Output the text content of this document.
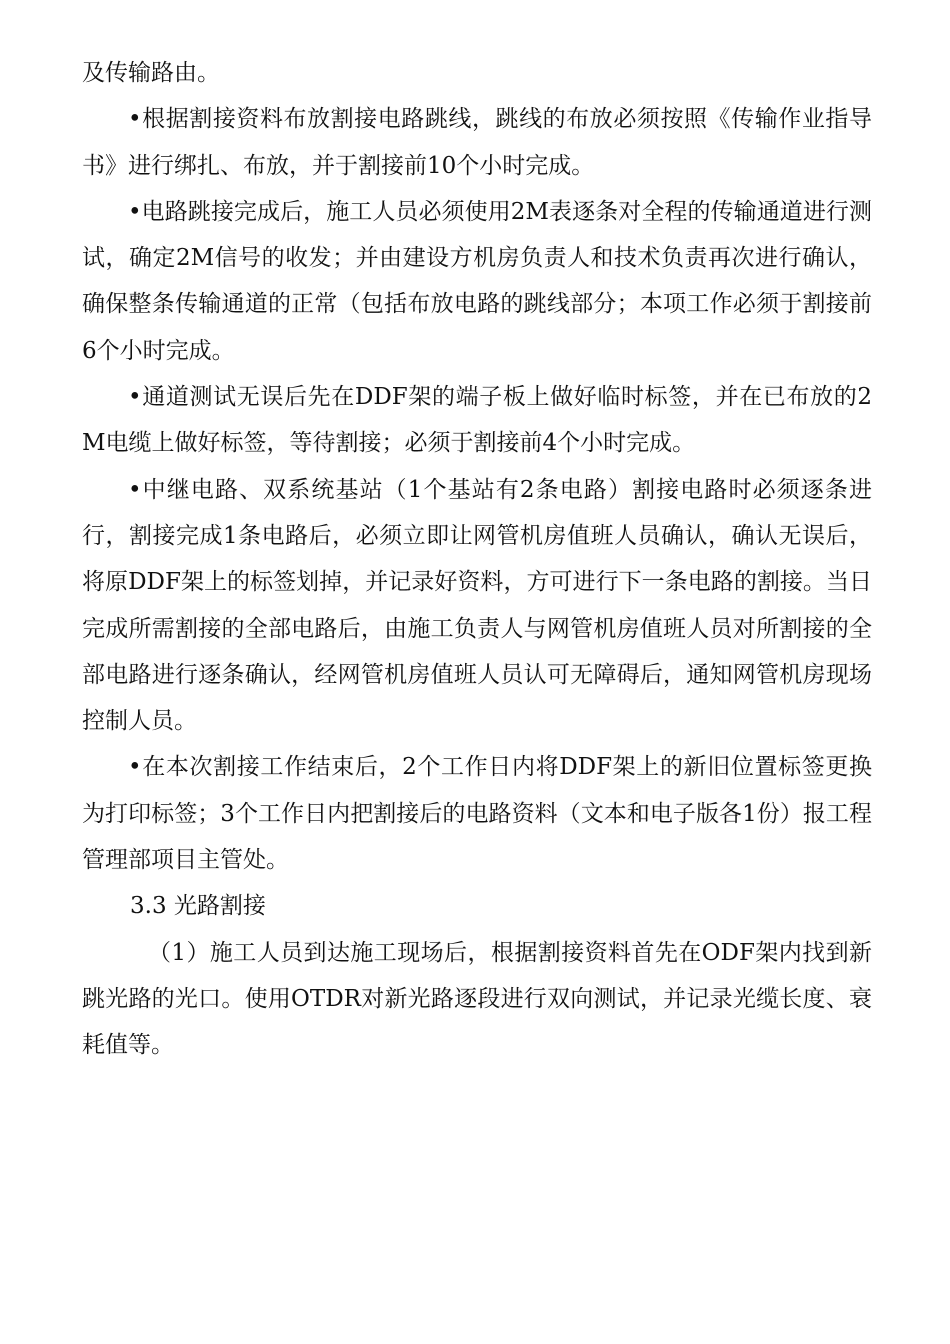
及传输路由。

•根据割接资料布放割接电路跳线，跳线的布放必须按照《传输作业指导书》进行绑扎、布放，并于割接前10个小时完成。

•电路跳接完成后，施工人员必须使用2M表逐条对全程的传输通道进行测试，确定2M信号的收发；并由建设方机房负责人和技术负责再次进行确认，确保整条传输通道的正常（包括布放电路的跳线部分；本项工作必须于割接前6个小时完成。

•通道测试无误后先在DDF架的端子板上做好临时标签，并在已布放的2M电缆上做好标签，等待割接；必须于割接前4个小时完成。

•中继电路、双系统基站（1个基站有2条电路）割接电路时必须逐条进行，割接完成1条电路后，必须立即让网管机房值班人员确认，确认无误后，将原DDF架上的标签划掉，并记录好资料，方可进行下一条电路的割接。当日完成所需割接的全部电路后，由施工负责人与网管机房值班人员对所割接的全部电路进行逐条确认，经网管机房值班人员认可无障碍后，通知网管机房现场控制人员。

•在本次割接工作结束后，2个工作日内将DDF架上的新旧位置标签更换为打印标签；3个工作日内把割接后的电路资料（文本和电子版各1份）报工程管理部项目主管处。

3.3 光路割接

（1）施工人员到达施工现场后，根据割接资料首先在ODF架内找到新跳光路的光口。使用OTDR对新光路逐段进行双向测试，并记录光缆长度、衰耗值等。
